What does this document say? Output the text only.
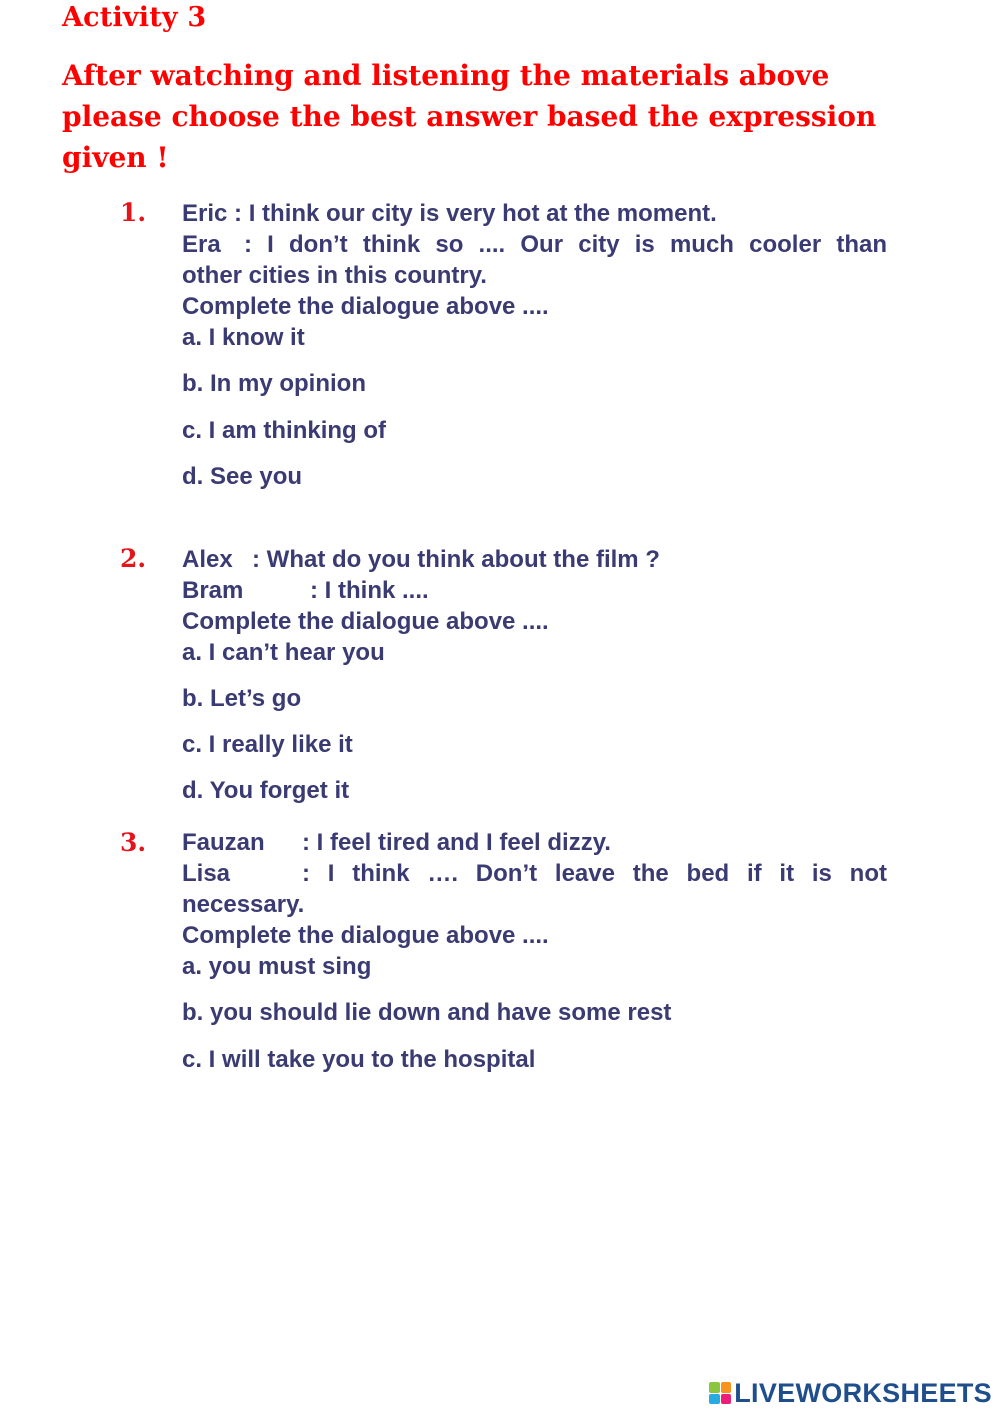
Activity 3
After watching and listening the materials above
please choose the best answer based the expression
given !
1. Eric : I think our city is very hot at the moment.
Era : I don’t think so .... Our city is much cooler than
other cities in this country.
Complete the dialogue above ....
a. I know it
b. In my opinion
c. I am thinking of
d. See you
2. Alex : What do you think about the film ?
Bram	: I think ....
Complete the dialogue above ....
a. I can’t hear you
b. Let’s go
c. I really like it
d. You forget it
3. Fauzan : I feel tired and I feel dizzy.
Lisa	: I think …. Don’t leave the bed if it is not
necessary.
Complete the dialogue above ....
a. you must sing
b. you should lie down and have some rest
c. I will take you to the hospital
LIVEWORKSHEETS
